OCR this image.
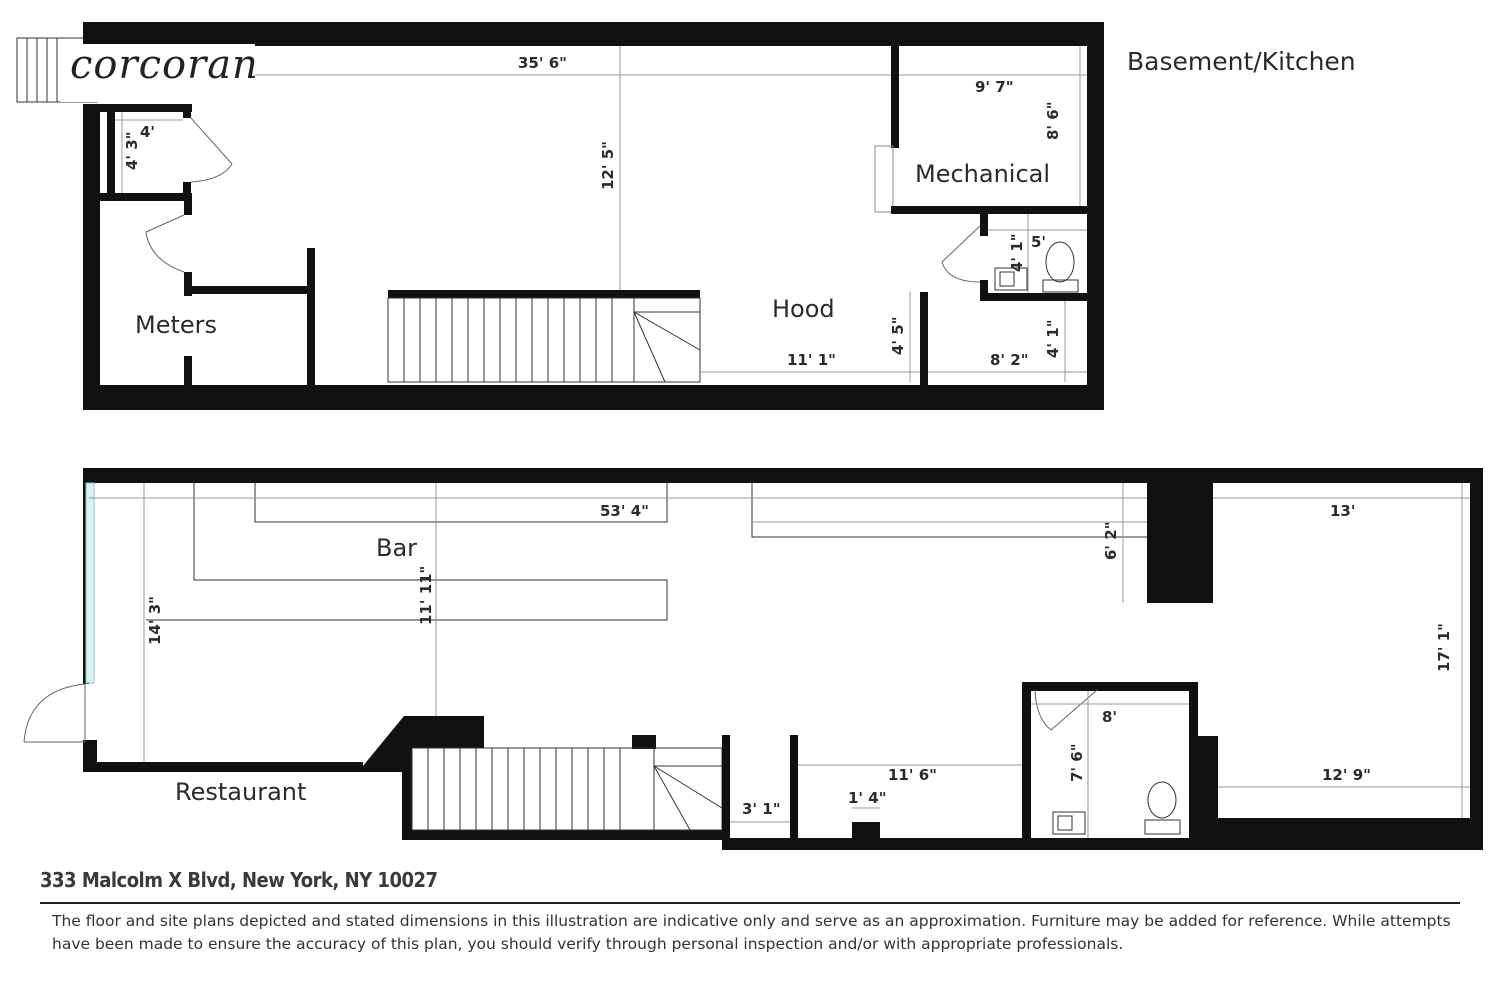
corcoran	Basement/Kitchen
Mechanical
Meters
Hood
35' 6"
9' 7"
8' 6"
4'
4' 3"	12' 5"
5'
4' 1"
11' 1"
4' 5"
8' 2"
4' 1"
Bar
Restaurant
53' 4"	13'
6' 2"
14' 3"	11' 11"
17' 1"
8'
7' 6"
11' 6"
1' 4"
3' 1"
12' 9"
333 Malcolm X Blvd, New York, NY 10027
The floor and site plans depicted and stated dimensions in this illustration are indicative only and serve as an approximation. Furniture may be added for reference. While attempts have been made to ensure the accuracy of this plan, you should verify through personal inspection and/or with appropriate professionals.
